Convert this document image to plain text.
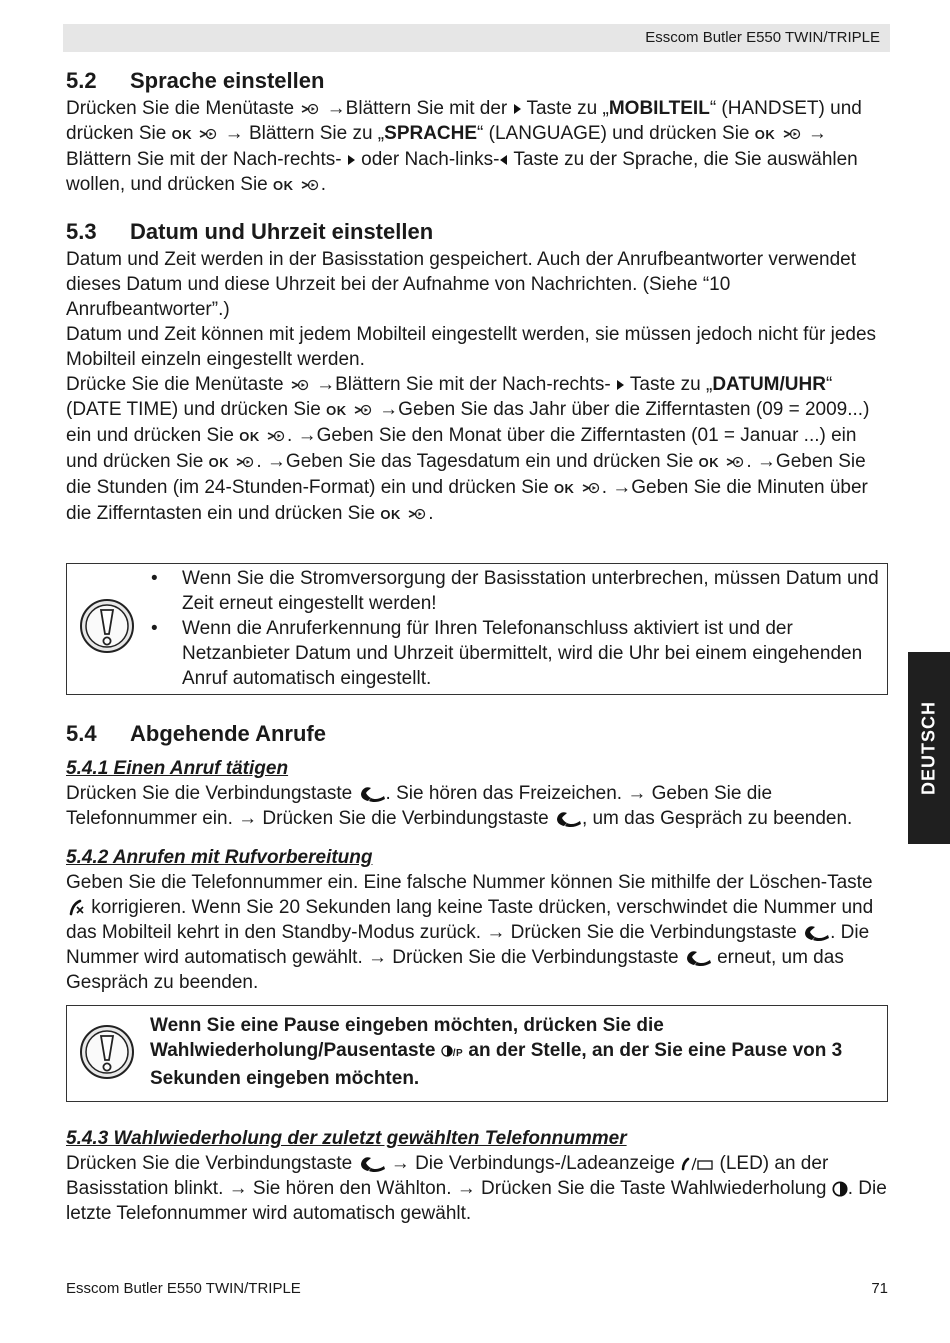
Esscom Butler E550 TWIN/TRIPLE
DEUTSCH
5.2 Sprache einstellen

Drücken Sie die Menütaste  →Blättern Sie mit der  Taste zu „MOBILTEIL“ (HANDSET) und drücken Sie OK  → Blättern Sie zu „SPRACHE“ (LANGUAGE) und drücken Sie OK  → Blättern Sie mit der Nach-rechts-  oder Nach-links- Taste zu der Sprache, die Sie auswählen wollen, und drücken Sie OK .

5.3 Datum und Uhrzeit einstellen

Datum und Zeit werden in der Basisstation gespeichert. Auch der Anrufbeantworter verwendet dieses Datum und diese Uhrzeit bei der Aufnahme von Nachrichten. (Siehe “10 Anrufbeantworter”.)

Datum und Zeit können mit jedem Mobilteil eingestellt werden, sie müssen jedoch nicht für jedes Mobilteil einzeln eingestellt werden.

Drücke Sie die Menütaste  →Blättern Sie mit der Nach-rechts-  Taste zu „DATUM/UHR“ (DATE TIME) und drücken Sie OK  →Geben Sie das Jahr über die Zifferntasten (09 = 2009...) ein und drücken Sie OK . →Geben Sie den Monat über die Zifferntasten (01 = Januar ...) ein und drücken Sie OK . →Geben Sie das Tagesdatum ein und drücken Sie OK . →Geben Sie die Stunden (im 24-Stunden-Format) ein und drücken Sie OK . →Geben Sie die Minuten über die Zifferntasten ein und drücken Sie OK .

• Wenn Sie die Stromversorgung der Basisstation unterbrechen, müssen Datum und Zeit erneut eingestellt werden!
• Wenn die Anruferkennung für Ihren Telefonanschluss aktiviert ist und der Netzanbieter Datum und Uhrzeit übermittelt, wird die Uhr bei einem eingehenden Anruf automatisch eingestellt.
5.4 Abgehende Anrufe
5.4.1 Einen Anruf tätigen

Drücken Sie die Verbindungstaste . Sie hören das Freizeichen. → Geben Sie die Telefonnummer ein. → Drücken Sie die Verbindungstaste , um das Gespräch zu beenden.

5.4.2 Anrufen mit Rufvorbereitung

Geben Sie die Telefonnummer ein. Eine falsche Nummer können Sie mithilfe der Löschen-Taste  korrigieren. Wenn Sie 20 Sekunden lang keine Taste drücken, verschwindet die Nummer und das Mobilteil kehrt in den Standby-Modus zurück. → Drücken Sie die Verbindungstaste . Die Nummer wird automatisch gewählt. → Drücken Sie die Verbindungstaste  erneut, um das Gespräch zu beenden.

Wenn Sie eine Pause eingeben möchten, drücken Sie die Wahlwiederholung/Pausentaste /P an der Stelle, an der Sie eine Pause von 3 Sekunden eingeben möchten.

5.4.3 Wahlwiederholung der zuletzt gewählten Telefonnummer

Drücken Sie die Verbindungstaste  → Die Verbindungs-/Ladeanzeige  (LED) an der Basisstation blinkt. → Sie hören den Wählton. → Drücken Sie die Taste Wahlwiederholung . Die letzte Telefonnummer wird automatisch gewählt.

Esscom Butler E550 TWIN/TRIPLE	71
